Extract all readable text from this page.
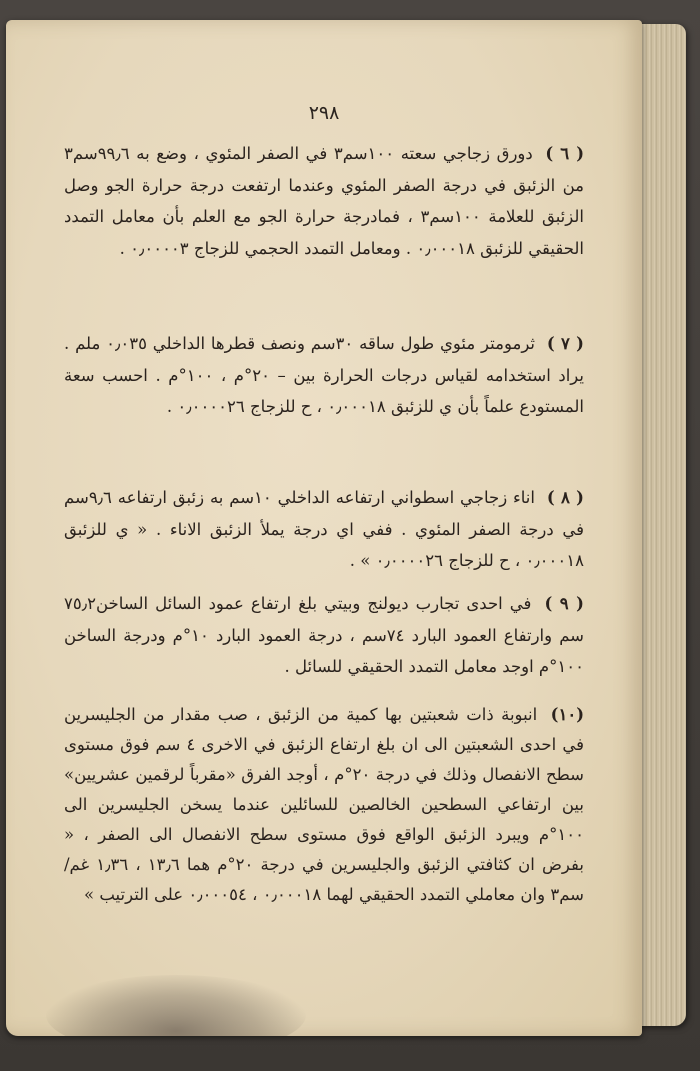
٢٩٨

( ٦ ) دورق زجاجي سعته ١٠٠سم٣ في الصفر المئوي ، وضع به ٩٩٫٦سم٣ من الزئبق في درجة الصفر المئوي وعندما ارتفعت درجة حرارة الجو وصل الزئبق للعلامة ١٠٠سم٣ ، فمادرجة حرارة الجو مع العلم بأن معامل التمدد الحقيقي للزئبق ٠٫٠٠٠١٨ . ومعامل التمدد الحجمي للزجاج ٠٫٠٠٠٠٣ .

( ٧ ) ثرمومتر مئوي طول ساقه ٣٠سم ونصف قطرها الداخلي ٠٫٠٣٥ ملم . يراد استخدامه لقياس درجات الحرارة بين – ٢٠°م ، ١٠٠°م . احسب سعة المستودع علماً بأن ي للزئبق ٠٫٠٠٠١٨ ، ح للزجاج ٠٫٠٠٠٠٢٦ .

( ٨ ) اناء زجاجي اسطواني ارتفاعه الداخلي ١٠سم به زئبق ارتفاعه ٩٫٦سم في درجة الصفر المئوي . ففي اي درجة يملأ الزئبق الاناء . « ي للزئبق ٠٫٠٠٠١٨ ، ح للزجاج ٠٫٠٠٠٠٢٦ » .

( ٩ ) في احدى تجارب ديولنج وبيتي بلغ ارتفاع عمود السائل الساخن٧٥٫٢ سم وارتفاع العمود البارد ٧٤سم ، درجة العمود البارد ١٠°م ودرجة الساخن ١٠٠°م اوجد معامل التمدد الحقيقي للسائل .

(١٠) انبوبة ذات شعبتين بها كمية من الزئبق ، صب مقدار من الجليسرين في احدى الشعبتين الى ان بلغ ارتفاع الزئبق في الاخرى ٤ سم فوق مستوى سطح الانفصال وذلك في درجة ٢٠°م ، أوجد الفرق «مقرباً لرقمين عشريين» بين ارتفاعي السطحين الخالصين للسائلين عندما يسخن الجليسرين الى ١٠٠°م ويبرد الزئبق الواقع فوق مستوى سطح الانفصال الى الصفر ، « بفرض ان كثافتي الزئبق والجليسرين في درجة ٢٠°م هما ١٣٫٦ ، ١٫٣٦ غم/سم٣ وان معاملي التمدد الحقيقي لهما ٠٫٠٠٠١٨ ، ٠٫٠٠٠٥٤ على الترتيب »
